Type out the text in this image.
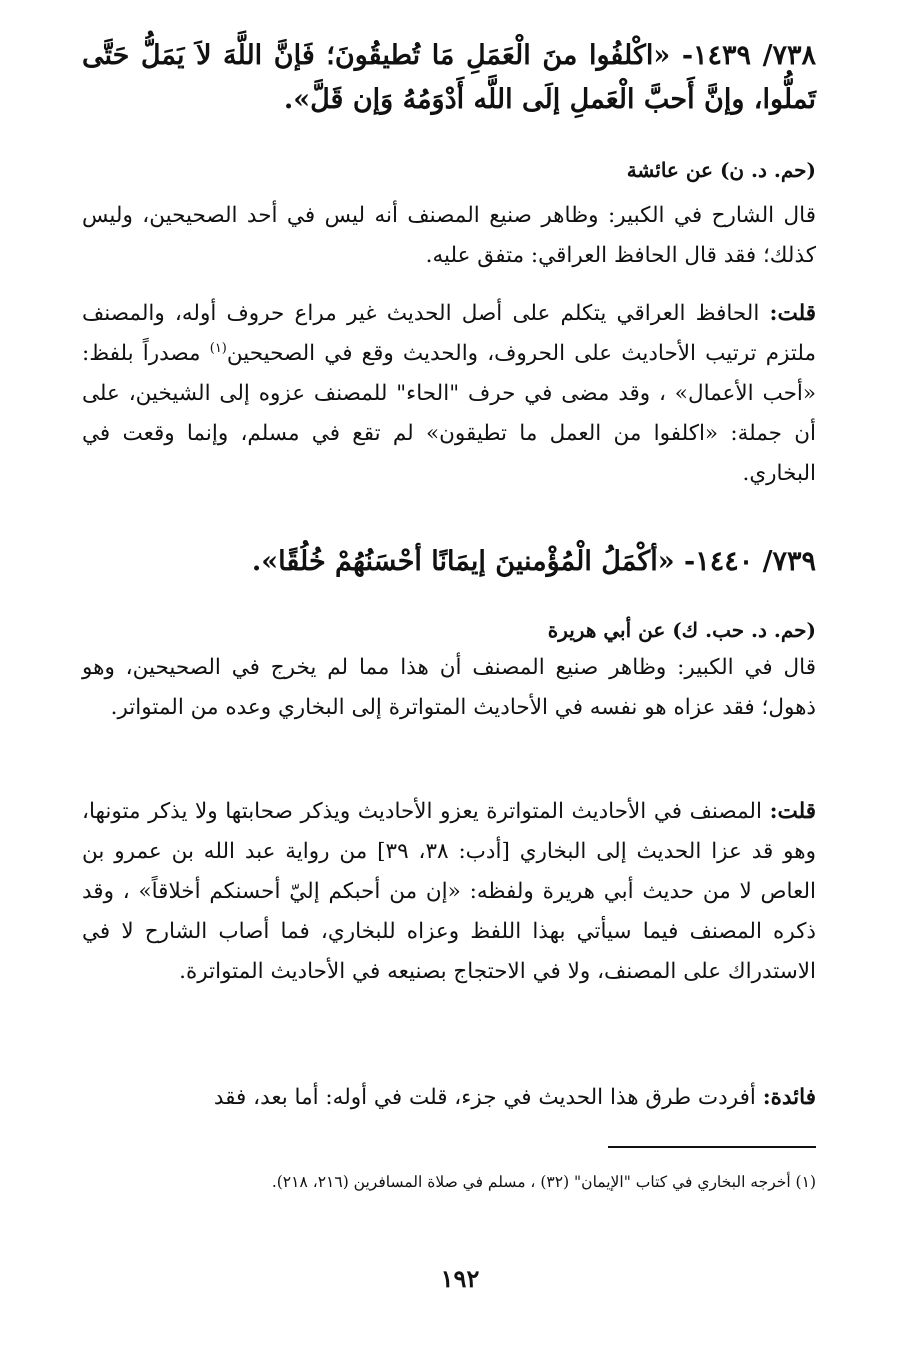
٧٣٨/ ١٤٣٩- «اكْلفُوا منَ الْعَمَلِ مَا تُطيقُونَ؛ فَإنَّ اللَّهَ لاَ يَمَلُّ حَتَّى تَملُّوا، وإنَّ أَحبَّ الْعَملِ إلَى اللَّه أَدْوَمُهُ وَإن قَلَّ».
(حم. د. ن) عن عائشة
قال الشارح في الكبير: وظاهر صنيع المصنف أنه ليس في أحد الصحيحين، وليس كذلك؛ فقد قال الحافظ العراقي: متفق عليه.
قلت: الحافظ العراقي يتكلم على أصل الحديث غير مراع حروف أوله، والمصنف ملتزم ترتيب الأحاديث على الحروف، والحديث وقع في الصحيحين$^{(١)}$ مصدراً بلفظ: «أحب الأعمال» ، وقد مضى في حرف "الحاء" للمصنف عزوه إلى الشيخين، على أن جملة: «اكلفوا من العمل ما تطيقون» لم تقع في مسلم، وإنما وقعت في البخاري.
٧٣٩/ ١٤٤٠- «أكْمَلُ الْمُؤْمنينَ إيمَانًا أحْسَنُهُمْ خُلُقًا».
(حم. د. حب. ك) عن أبي هريرة
قال في الكبير: وظاهر صنيع المصنف أن هذا مما لم يخرج في الصحيحين، وهو ذهول؛ فقد عزاه هو نفسه في الأحاديث المتواترة إلى البخاري وعده من المتواتر.
قلت: المصنف في الأحاديث المتواترة يعزو الأحاديث ويذكر صحابتها ولا يذكر متونها، وهو قد عزا الحديث إلى البخاري [أدب: ٣٨، ٣٩] من رواية عبد الله بن عمرو بن العاص لا من حديث أبي هريرة ولفظه: «إن من أحبكم إليّ أحسنكم أخلاقاً» ، وقد ذكره المصنف فيما سيأتي بهذا اللفظ وعزاه للبخاري، فما أصاب الشارح لا في الاستدراك على المصنف، ولا في الاحتجاج بصنيعه في الأحاديث المتواترة.
فائدة: أفردت طرق هذا الحديث في جزء، قلت في أوله: أما بعد، فقد
(١) أخرجه البخاري في كتاب "الإيمان" (٣٢) ، مسلم في صلاة المسافرين (٢١٦، ٢١٨).
١٩٢
